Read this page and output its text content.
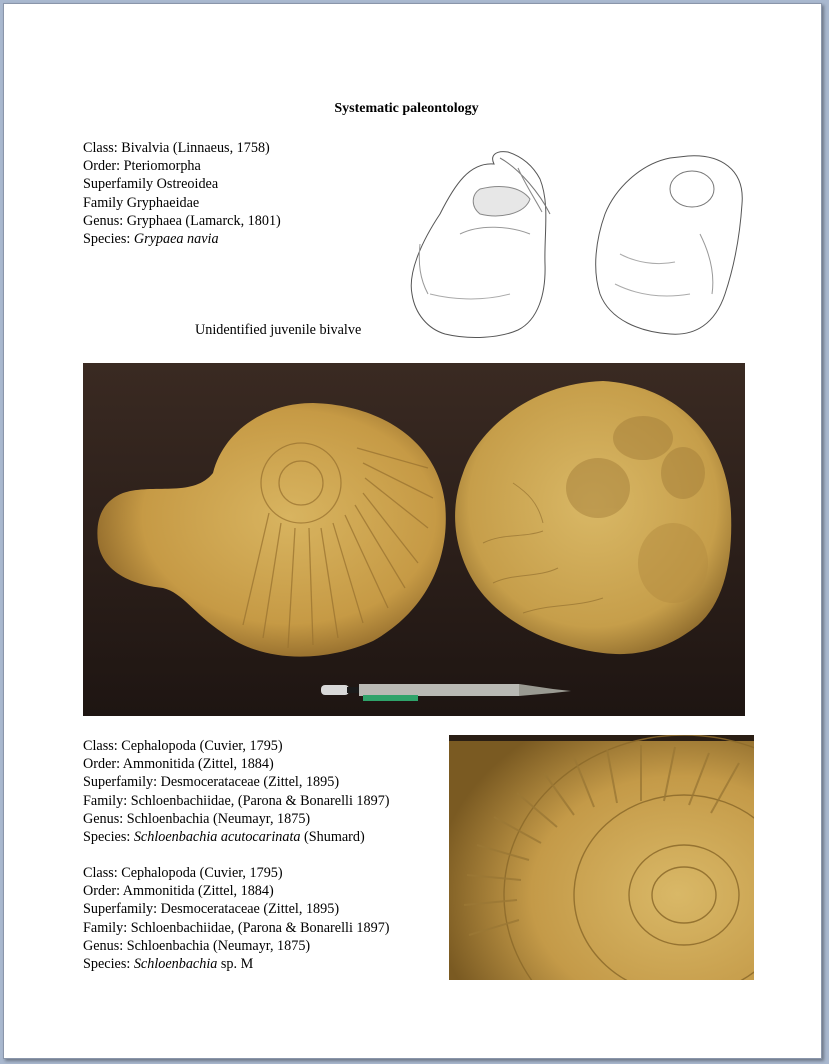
Systematic paleontology
Class: Bivalvia (Linnaeus, 1758)
Order: Pteriomorpha
Superfamily Ostreoidea
Family Gryphaeidae
Genus: Gryphaea (Lamarck, 1801)
Species: Grypaea navia
Unidentified juvenile bivalve
Class: Cephalopoda (Cuvier, 1795)
Order: Ammonitida (Zittel, 1884)
Superfamily: Desmocerataceae (Zittel, 1895)
Family: Schloenbachiidae, (Parona & Bonarelli 1897)
Genus: Schloenbachia (Neumayr, 1875)
Species: Schloenbachia acutocarinata (Shumard)
Class: Cephalopoda (Cuvier, 1795)
Order: Ammonitida (Zittel, 1884)
Superfamily: Desmocerataceae (Zittel, 1895)
Family: Schloenbachiidae, (Parona & Bonarelli 1897)
Genus: Schloenbachia (Neumayr, 1875)
Species: Schloenbachia sp. M
